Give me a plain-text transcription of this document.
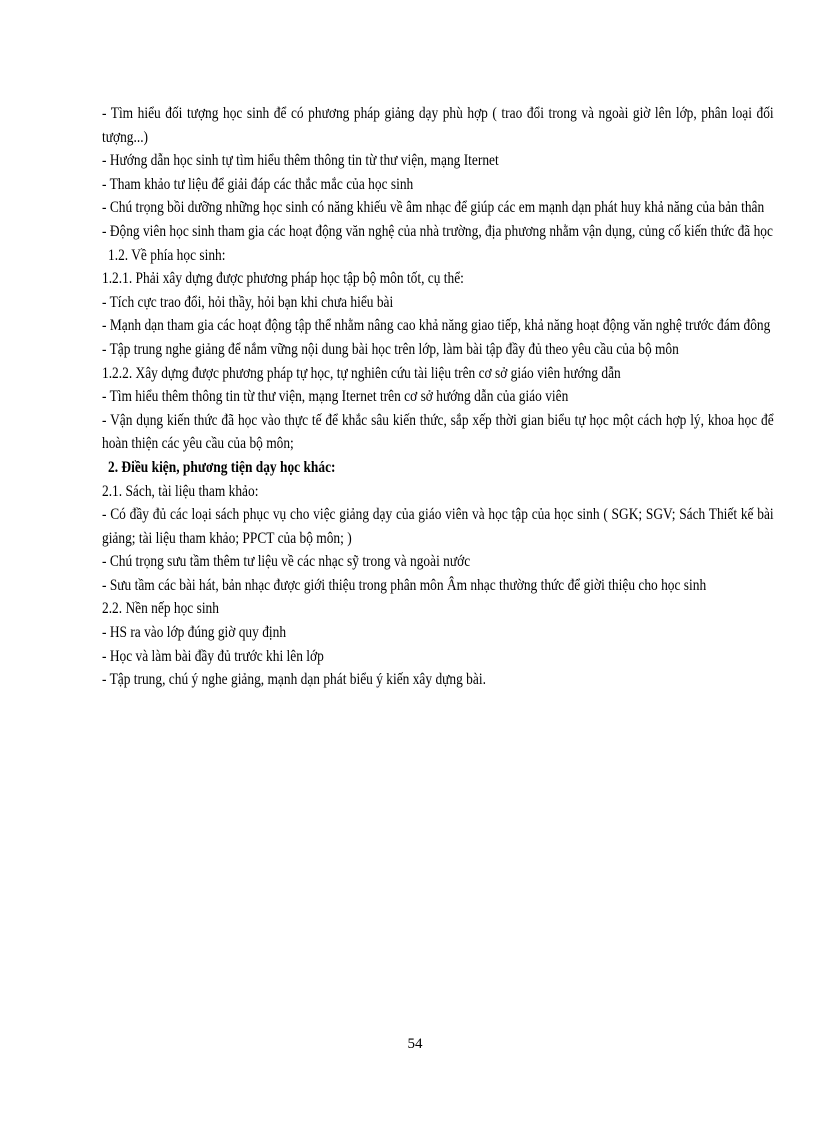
- Tìm hiểu đối tượng học sinh để có phương pháp giảng dạy phù hợp ( trao đổi trong và ngoài giờ lên lớp, phân loại đối tượng...)

- Hướng dẫn học sinh tự tìm hiểu thêm thông tin từ thư viện, mạng Iternet

- Tham khảo tư liệu để giải đáp các thắc mắc của học sinh

- Chú trọng bồi dưỡng những học sinh có năng khiếu về âm nhạc để giúp các em mạnh dạn phát huy khả năng của bản thân

- Động viên học sinh tham gia các hoạt động văn nghệ của nhà trường, địa phương nhằm vận dụng, củng cố kiến thức đã học

1.2. Về phía học sinh:

1.2.1. Phải xây dựng được phương pháp học tập bộ môn tốt, cụ thể:

- Tích cực trao đổi, hỏi thầy, hỏi bạn khi chưa hiểu bài

- Mạnh dạn tham gia các hoạt động tập thể nhằm nâng cao khả năng giao tiếp, khả năng hoạt động văn nghệ trước đám đông

- Tập trung nghe giảng để nắm vững nội dung bài học trên lớp, làm bài tập đầy đủ theo yêu cầu của bộ môn

1.2.2. Xây dựng được phương pháp tự học, tự nghiên cứu tài liệu trên cơ sở giáo viên hướng dẫn

- Tìm hiểu thêm thông tin từ thư viện, mạng Iternet trên cơ sở hướng dẫn của giáo viên

- Vận dụng kiến thức đã học vào thực tế để khắc sâu kiến thức, sắp xếp thời gian biểu tự học một cách hợp lý, khoa học để hoàn thiện các yêu cầu của bộ môn;

2. Điều kiện, phương tiện dạy học khác:

2.1. Sách, tài liệu tham khảo:

- Có đầy đủ các loại sách phục vụ cho việc giảng dạy của giáo viên và học tập của học sinh ( SGK; SGV; Sách Thiết kế bài giảng; tài liệu tham khảo; PPCT của bộ môn; )

- Chú trọng sưu tầm thêm tư liệu về các nhạc sỹ trong và ngoài nước

- Sưu tầm các bài hát, bản nhạc được giới thiệu trong phân môn Âm nhạc thường thức để giời thiệu cho học sinh

2.2. Nền nếp học sinh

- HS ra vào lớp đúng giờ quy định

- Học và làm bài đầy đủ trước khi lên lớp

- Tập trung, chú ý nghe giảng, mạnh dạn phát biểu ý kiến xây dựng bài.

54
